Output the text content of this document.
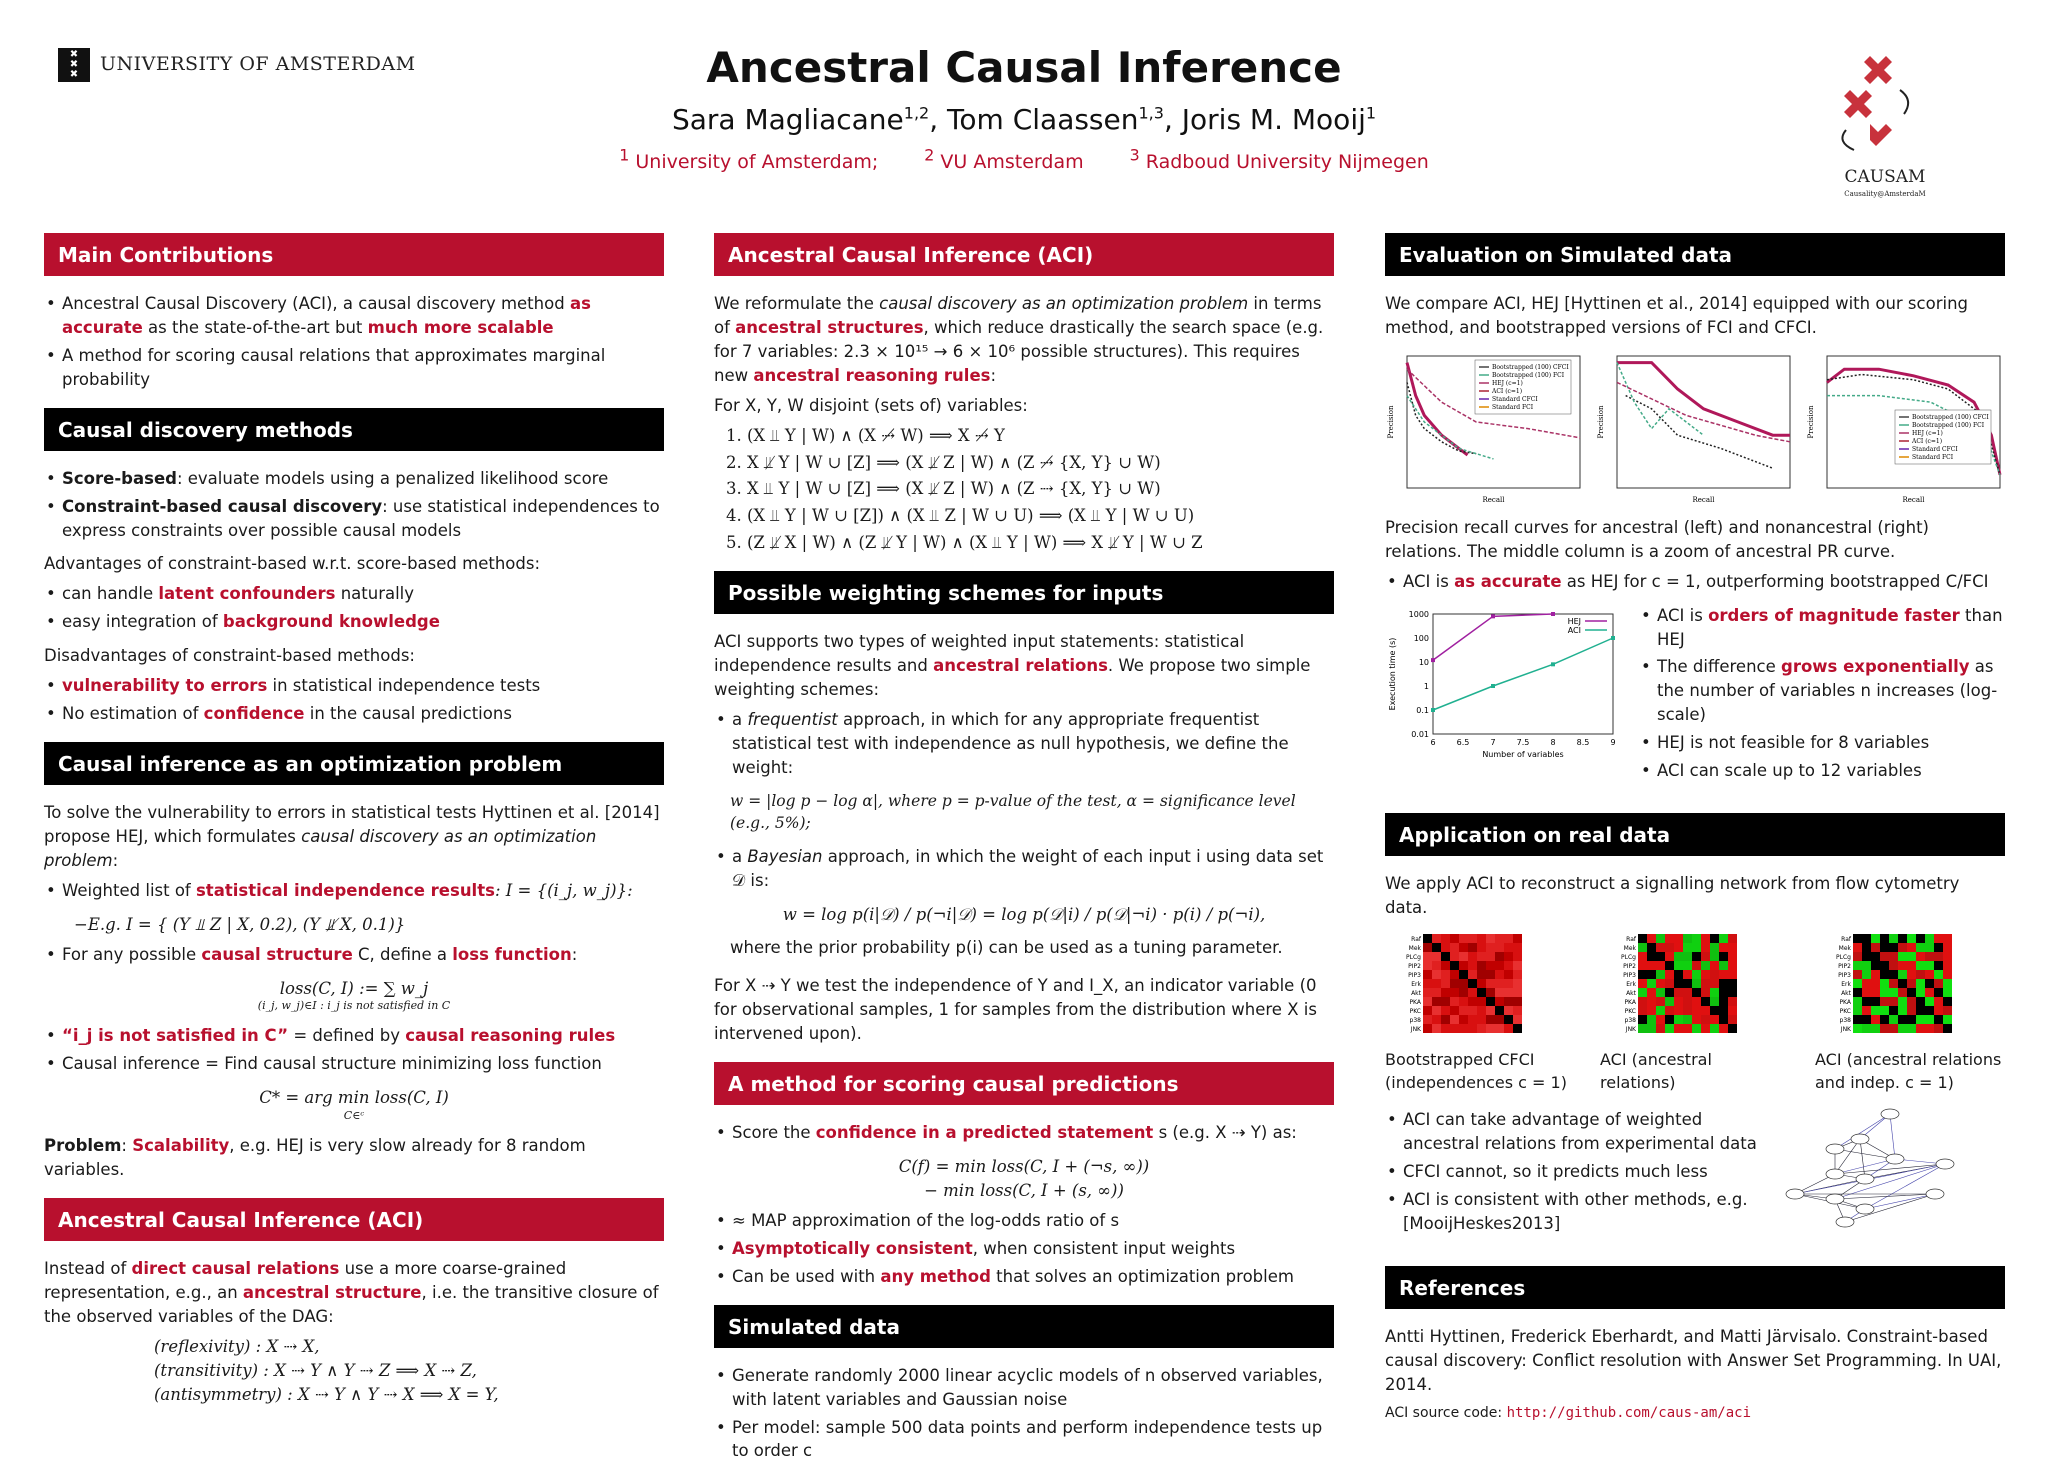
✖
✖
✖	UNIVERSITY OF AMSTERDAM	Ancestral Causal Inference
Sara Magliacane$^{1,2}$, Tom Claassen$^{1,3}$, Joris M. Mooij$^1$
$^1$ University of Amsterdam;	$^2$ VU Amsterdam	$^3$ Radboud University Nijmegen
CAUSAM
Causality@AmsterdaM
Main Contributions
• Ancestral Causal Discovery (ACI), a causal discovery method as accurate as the state-of-the-art but much more scalable
• A method for scoring causal relations that approximates marginal probability
Causal discovery methods
• Score-based: evaluate models using a penalized likelihood score
• Constraint-based causal discovery: use statistical independences to express constraints over possible causal models

Advantages of constraint-based w.r.t. score-based methods:

• can handle latent confounders naturally
• easy integration of background knowledge

Disadvantages of constraint-based methods:

• vulnerability to errors in statistical independence tests
• No estimation of confidence in the causal predictions
Causal inference as an optimization problem

To solve the vulnerability to errors in statistical tests Hyttinen et al. [2014] propose HEJ, which formulates causal discovery as an optimization problem:

• Weighted list of statistical independence results: I = {(i_j, w_j)}:

−E.g. I = { (Y ⫫ Z | X, 0.2), (Y ⫫̸ X, 0.1)}

• For any possible causal structure C, define a loss function:
loss(C, I) := ∑ w_j
(i_j, w_j)∈I : i_j is not satisfied in C
• “i_j is not satisfied in C” = defined by causal reasoning rules
• Causal inference = Find causal structure minimizing loss function
C* = arg min loss(C, I)
C∈ᶜ

Problem: Scalability, e.g. HEJ is very slow already for 8 random variables.

Ancestral Causal Inference (ACI)

Instead of direct causal relations use a more coarse-grained representation, e.g., an ancestral structure, i.e. the transitive closure of the observed variables of the DAG:

(reflexivity) : X ⇢ X,
(transitivity) : X ⇢ Y ∧ Y ⇢ Z ⟹ X ⇢ Z,
(antisymmetry) : X ⇢ Y ∧ Y ⇢ X ⟹ X = Y,
Ancestral Causal Inference (ACI)

We reformulate the causal discovery as an optimization problem in terms of ancestral structures, which reduce drastically the search space (e.g. for 7 variables: 2.3 × 10¹⁵ → 6 × 10⁶ possible structures). This requires new ancestral reasoning rules:

For X, Y, W disjoint (sets of) variables:

1. (X ⫫ Y | W) ∧ (X ⇢̸ W) ⟹ X ⇢̸ Y
2. X ⫫̸ Y | W ∪ [Z] ⟹ (X ⫫̸ Z | W) ∧ (Z ⇢̸ {X, Y} ∪ W)
3. X ⫫ Y | W ∪ [Z] ⟹ (X ⫫̸ Z | W) ∧ (Z ⇢ {X, Y} ∪ W)
4. (X ⫫ Y | W ∪ [Z]) ∧ (X ⫫ Z | W ∪ U) ⟹ (X ⫫ Y | W ∪ U)
5. (Z ⫫̸ X | W) ∧ (Z ⫫̸ Y | W) ∧ (X ⫫ Y | W) ⟹ X ⫫̸ Y | W ∪ Z
Possible weighting schemes for inputs

ACI supports two types of weighted input statements: statistical independence results and ancestral relations. We propose two simple weighting schemes:

• a frequentist approach, in which for any appropriate frequentist statistical test with independence as null hypothesis, we define the weight:

w = |log p − log α|, where p = p-value of the test, α = significance level (e.g., 5%);

• a Bayesian approach, in which the weight of each input i using data set 𝒟 is:
w = log p(i|𝒟) / p(¬i|𝒟) = log p(𝒟|i) / p(𝒟|¬i) · p(i) / p(¬i),

where the prior probability p(i) can be used as a tuning parameter.

For X ⇢ Y we test the independence of Y and I_X, an indicator variable (0 for observational samples, 1 for samples from the distribution where X is intervened upon).

A method for scoring causal predictions
• Score the confidence in a predicted statement s (e.g. X ⇢ Y) as:
C(f) = min loss(C, I + (¬s, ∞))
− min loss(C, I + (s, ∞))
• ≈ MAP approximation of the log-odds ratio of s
• Asymptotically consistent, when consistent input weights
• Can be used with any method that solves an optimization problem
Simulated data
• Generate randomly 2000 linear acyclic models of n observed variables, with latent variables and Gaussian noise
• Per model: sample 500 data points and perform independence tests up to order c
Evaluation on Simulated data

We compare ACI, HEJ [Hyttinen et al., 2014] equipped with our scoring method, and bootstrapped versions of FCI and CFCI.

Recall
Precision
Bootstrapped (100) CFCI
Bootstrapped (100) FCI
HEJ (c=1)
ACI (c=1)
Standard CFCI
Standard FCI
Recall
Precision
Recall
Precision	Bootstrapped (100) CFCI
Bootstrapped (100) FCI
HEJ (c=1)
ACI (c=1)
Standard CFCI
Standard FCI

Precision recall curves for ancestral (left) and nonancestral (right) relations. The middle column is a zoom of ancestral PR curve.

• ACI is as accurate as HEJ for c = 1, outperforming bootstrapped C/FCI
6	6.5	7	7.5	8	8.5	9
0.01
0.1
1
10
100
1000
Number of variables
Execution time (s)
HEJ
ACI
• ACI is orders of magnitude faster than HEJ
• The difference grows exponentially as the number of variables n increases (log-scale)
• HEJ is not feasible for 8 variables
• ACI can scale up to 12 variables
Application on real data

We apply ACI to reconstruct a signalling network from flow cytometry data.

Raf
Mek
PLCg
PIP2
PIP3
Erk
Akt
PKA
PKC
p38
JNK
Raf
Mek
PLCg
PIP2
PIP3
Erk
Akt
PKA
PKC
p38
JNK
Raf
Mek
PLCg
PIP2
PIP3
Erk
Akt
PKA
PKC
p38
JNK
Bootstrapped CFCI (independences c = 1)
ACI (ancestral relations)
ACI (ancestral relations and indep. c = 1)
• ACI can take advantage of weighted ancestral relations from experimental data
• CFCI cannot, so it predicts much less
• ACI is consistent with other methods, e.g. [MooijHeskes2013]
References

Antti Hyttinen, Frederick Eberhardt, and Matti Järvisalo. Constraint-based causal discovery: Conflict resolution with Answer Set Programming. In UAI, 2014.

ACI source code: http://github.com/caus-am/aci
